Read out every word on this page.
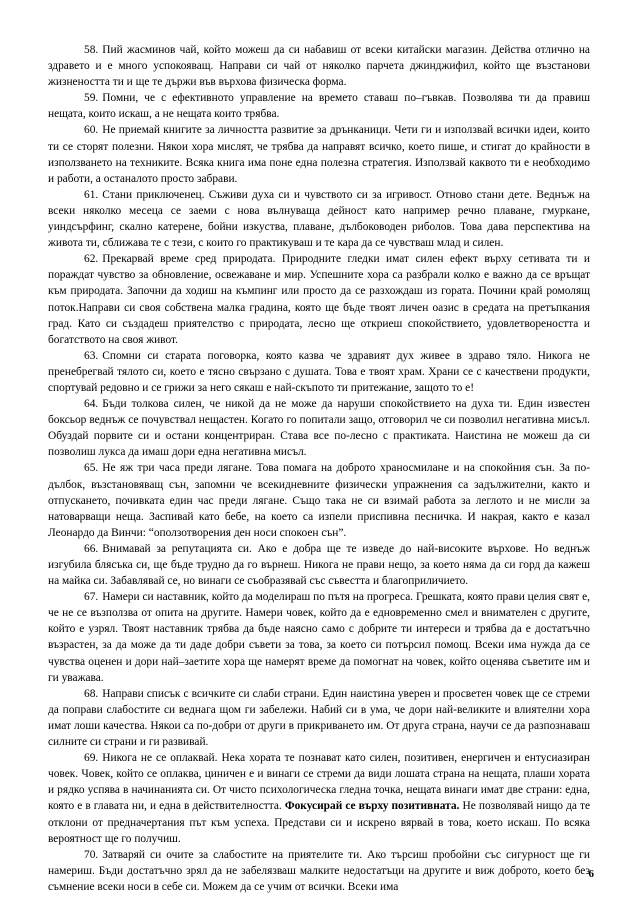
58. Пий жасминов чай, който можеш да си набавиш от всеки китайски магазин. Действа отлично на здравето и е много успокояващ. Направи си чай от няколко парчета джинджифил, който ще възстанови жизнеността ти и ще те държи във върхова физическа форма.

59. Помни, че с ефективното управление на времето ставаш по–гъвкав. Позволява ти да правиш нещата, които искаш, а не нещата които трябва.

60. Не приемай книгите за личността развитие за дрънканици. Чети ги и използвай всички идеи, които ти се сторят полезни. Някои хора мислят, че трябва да направят всичко, което пише, и стигат до крайности в използването на техниките. Всяка книга има поне една полезна стратегия. Използвай каквото ти е необходимо и работи, а останалото просто забрави.

61. Стани приключенец. Съживи духа си и чувството си за игривост. Отново стани дете. Веднъж на всеки няколко месеца се заеми с нова вълнуваща дейност като например речно плаване, гмуркане, уиндсърфинг, скално катерене, бойни изкуства, плаване, дълбоководен риболов. Това дава перспектива на живота ти, сближава те с тези, с които го практикуваш и те кара да се чувстваш млад и силен.

62. Прекарвай време сред природата. Природните гледки имат силен ефект върху сетивата ти и пораждат чувство за обновление, освежаване и мир. Успешните хора са разбрали колко е важно да се връщат към природата. Започни да ходиш на къмпинг или просто да се разхождаш из гората. Почини край ромолящ поток.Направи си своя собствена малка градина, която ще бъде твоят личен оазис в средата на претъпкания град. Като си създадеш приятелство с природата, лесно ще откриеш спокойствието, удовлетвореността и богатството на своя живот.

63. Спомни си старата поговорка, която казва че здравият дух живее в здраво тяло. Никога не пренебрегвай тялото си, което е тясно свързано с душата. Това е твоят храм. Храни се с качествени продукти, спортувай редовно и се грижи за него сякаш е най-скъпото ти притежание, защото то е!

64. Бъди толкова силен, че никой да не може да наруши спокойствието на духа ти. Един известен боксьор веднъж се почувствал нещастен. Когато го попитали защо, отговорил че си позволил негативна мисъл. Обуздай порвите си и остани концентриран. Става все по-лесно с практиката. Наистина не можеш да си позволиш лукса да имаш дори една негативна мисъл.

65. Не яж три часа преди лягане. Това помага на доброто храносмилане и на спокойния сън. За по-дълбок, възстановяващ сън, запомни че всекидневните физически упражнения са задължителни, както и отпускането, почивката един час преди лягане. Също така не си взимай работа за леглото и не мисли за натоварващи неща. Заспивай като бебе, на което са изпели приспивна песничка. И накрая, както е казал Леонардо да Винчи: “оползотворения ден носи спокоен сън”.

66. Внимавай за репутацията си. Ако е добра ще те изведе до най-високите върхове. Но веднъж изгубила блясъка си, ще бъде трудно да го върнеш. Никога не прави нещо, за което няма да си горд да кажеш на майка си. Забавлявай се, но винаги се съобразявай със съвестта и благоприличието.

67. Намери си наставник, който да моделираш по пътя на прогреса. Грешката, която прави целия свят е, че не се възползва от опита на другите. Намери човек, който да е едновременно смел и внимателен с другите, който е узрял. Твоят наставник трябва да бъде наясно само с добрите ти интереси и трябва да е достатъчно възрастен, за да може да ти даде добри съвети за това, за което си потърсил помощ. Всеки има нужда да се чувства оценен и дори най–заетите хора ще намерят време да помогнат на човек, който оценява съветите им и ги уважава.

68. Направи списък с всичките си слаби страни. Един наистина уверен и просветен човек ще се стреми да поправи слабостите си веднага щом ги забележи. Набий си в ума, че дори най-великите и влиятелни хора имат лоши качества. Някои са по-добри от други в прикриването им. От друга страна, научи се да разпознаваш силните си страни и ги развивай.

69. Никога не се оплаквай. Нека хората те познават като силен, позитивен, енергичен и ентусиазиран човек. Човек, който се оплаква, циничен е и винаги се стреми да види лошата страна на нещата, плаши хората и рядко успява в начинанията си. От чисто психологическа гледна точка, нещата винаги имат две страни: една, която е в главата ни, и една в действителността. Фокусирай се върху позитивната. Не позволявай нищо да те отклони от предначертания път към успеха. Представи си и искрено вярвай в това, което искаш. По всяка вероятност ще го получиш.

70. Затваряй си очите за слабостите на приятелите ти. Ако търсиш пробойни със сигурност ще ги намериш. Бъди достатъчно зрял да не забелязваш малките недостатъци на другите и виж доброто, което без съмнение всеки носи в себе си. Можем да се учим от всички. Всеки има

6
